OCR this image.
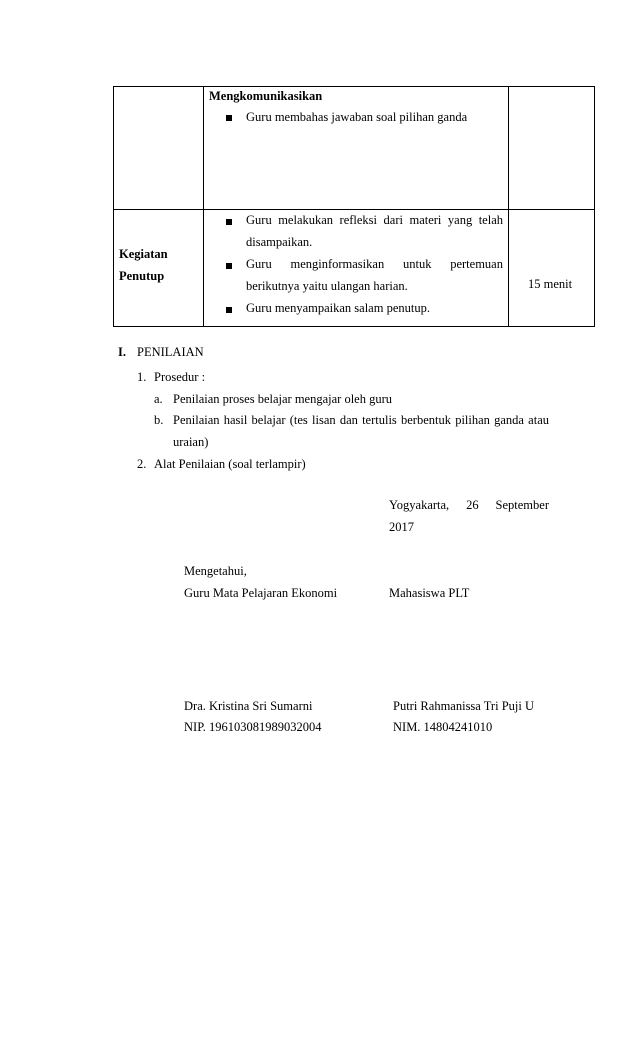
Mengkomunikasikan
Guru membahas jawaban soal pilihan ganda
Kegiatan
Penutup
Guru melakukan refleksi dari materi yang telah
disampaikan.
Guru menginformasikan untuk pertemuan
berikutnya yaitu ulangan harian.
Guru menyampaikan salam penutup.
15 menit
I. PENILAIAN
1. Prosedur :
a. Penilaian proses belajar mengajar oleh guru
b. Penilaian hasil belajar (tes lisan dan tertulis berbentuk pilihan ganda atau
uraian)
2. Alat Penilaian (soal terlampir)
Yogyakarta, 26 September
2017
Mengetahui,
Guru Mata Pelajaran Ekonomi	Mahasiswa PLT
Dra. Kristina Sri Sumarni
NIP. 196103081989032004
Putri Rahmanissa Tri Puji U
NIM. 14804241010
